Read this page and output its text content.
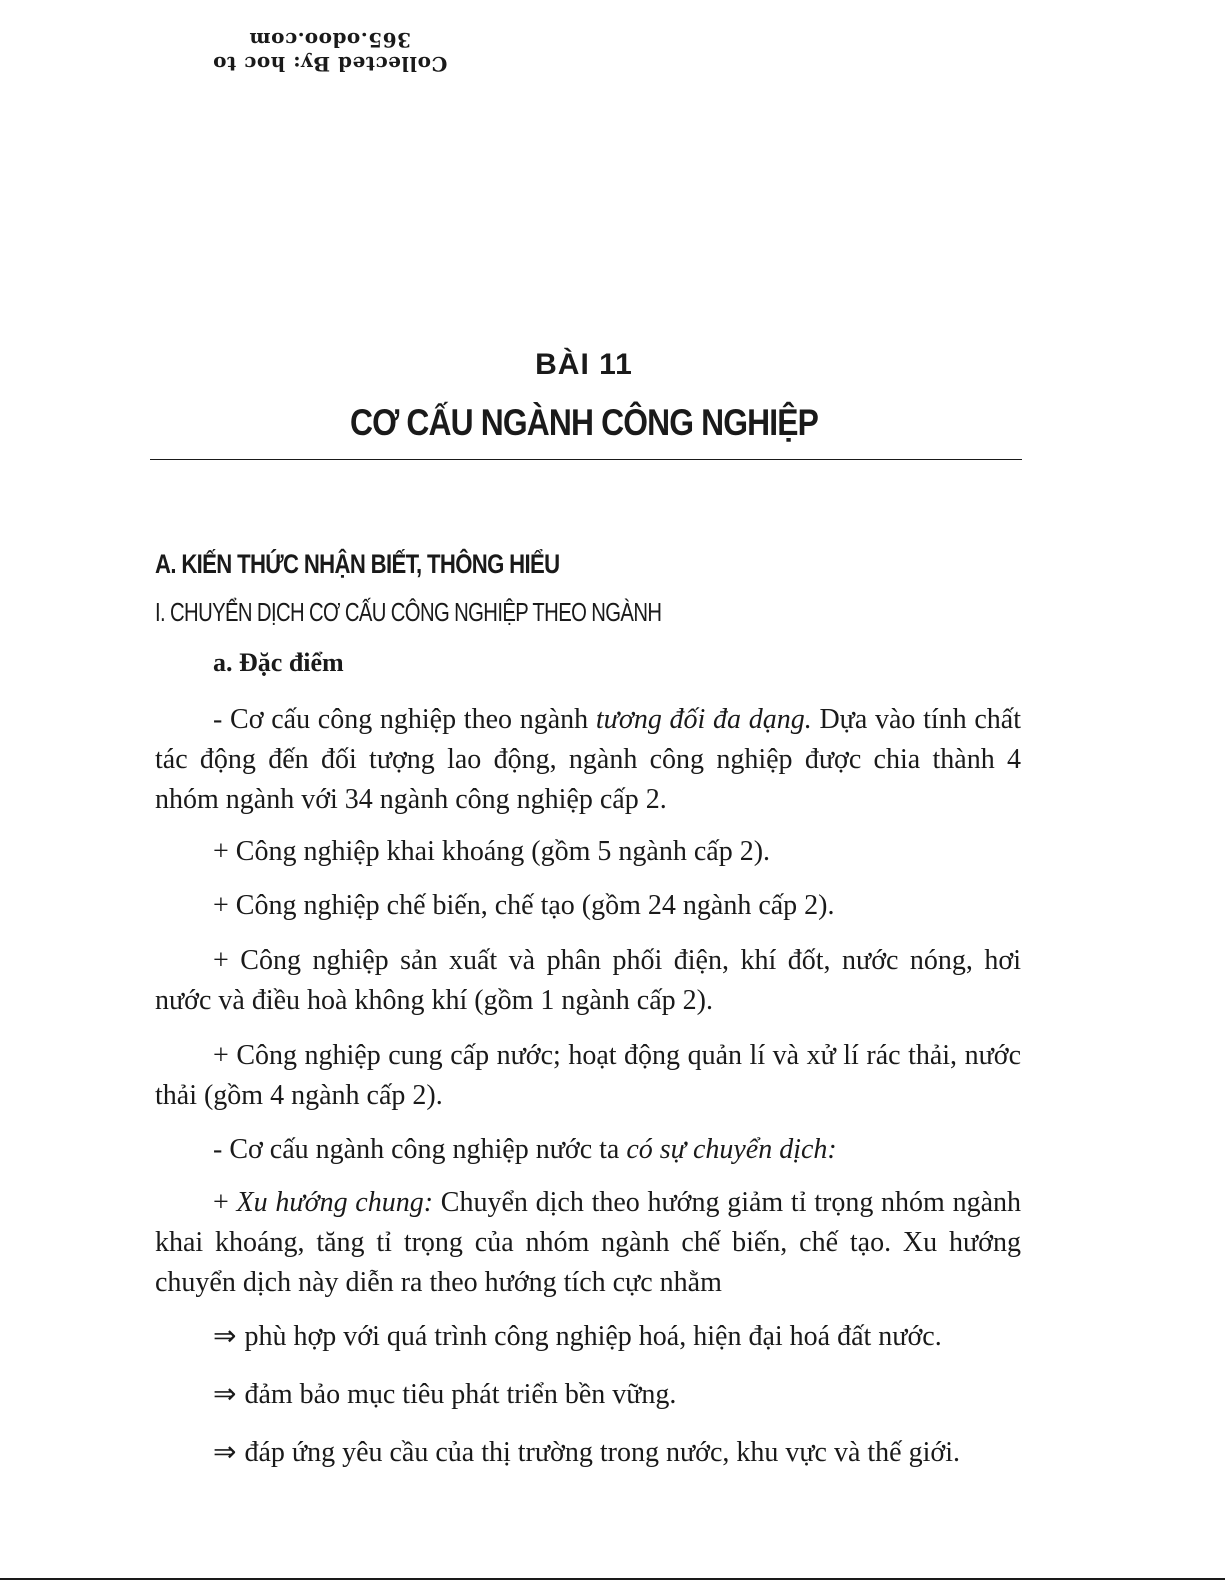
Collected By: hoc to 365.odoo.com
BÀI 11
CƠ CẤU NGÀNH CÔNG NGHIỆP
A. KIẾN THỨC NHẬN BIẾT, THÔNG HIỂU
I. CHUYỂN DỊCH CƠ CẤU CÔNG NGHIỆP THEO NGÀNH
a. Đặc điểm
- Cơ cấu công nghiệp theo ngành tương đối đa dạng. Dựa vào tính chất tác động đến đối tượng lao động, ngành công nghiệp được chia thành 4 nhóm ngành với 34 ngành công nghiệp cấp 2.
+ Công nghiệp khai khoáng (gồm 5 ngành cấp 2).
+ Công nghiệp chế biến, chế tạo (gồm 24 ngành cấp 2).
+ Công nghiệp sản xuất và phân phối điện, khí đốt, nước nóng, hơi nước và điều hoà không khí (gồm 1 ngành cấp 2).
+ Công nghiệp cung cấp nước; hoạt động quản lí và xử lí rác thải, nước thải (gồm 4 ngành cấp 2).
- Cơ cấu ngành công nghiệp nước ta có sự chuyển dịch:
+ Xu hướng chung: Chuyển dịch theo hướng giảm tỉ trọng nhóm ngành khai khoáng, tăng tỉ trọng của nhóm ngành chế biến, chế tạo. Xu hướng chuyển dịch này diễn ra theo hướng tích cực nhằm
⇒ phù hợp với quá trình công nghiệp hoá, hiện đại hoá đất nước.
⇒ đảm bảo mục tiêu phát triển bền vững.
⇒ đáp ứng yêu cầu của thị trường trong nước, khu vực và thế giới.
